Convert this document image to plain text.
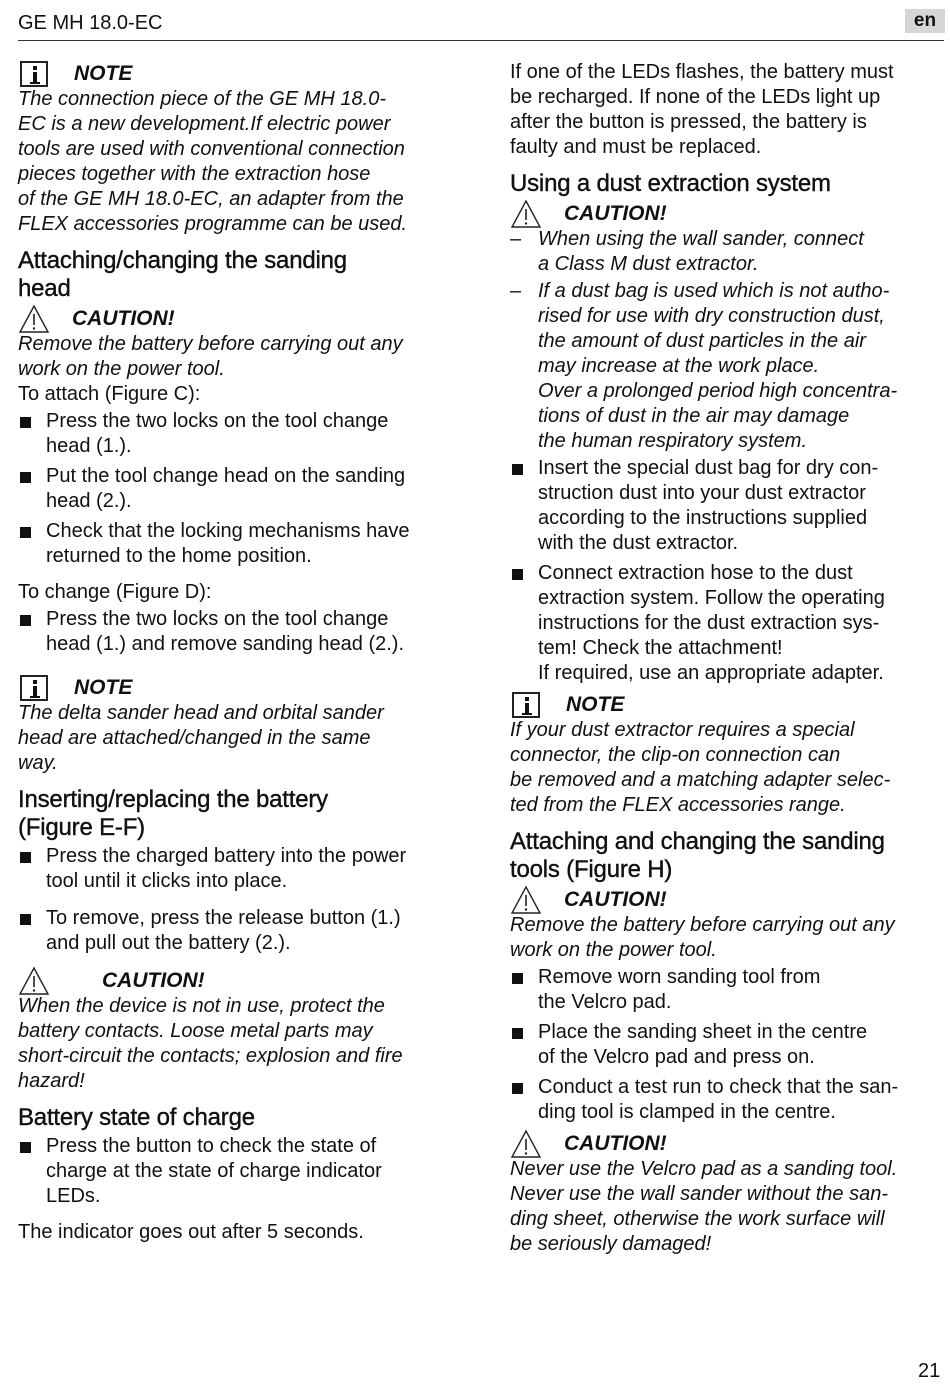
GE MH 18.0-EC	en
NOTE

The connection piece of the GE MH 18.0-
EC is a new development.If electric power
tools are used with conventional connection
pieces together with the extraction hose
of the GE MH 18.0-EC, an adapter from the
FLEX accessories programme can be used.

Attaching/changing the sanding
head
CAUTION!

Remove the battery before carrying out any
work on the power tool.

To attach (Figure C):

Press the two locks on the tool change
head (1.).
Put the tool change head on the sanding
head (2.).
Check that the locking mechanisms have
returned to the home position.

To change (Figure D):

Press the two locks on the tool change
head (1.) and remove sanding head (2.).
NOTE

The delta sander head and orbital sander
head are attached/changed in the same
way.

Inserting/replacing the battery
(Figure E-F)
Press the charged battery into the power
tool until it clicks into place.
To remove, press the release button (1.)
and pull out the battery (2.).
CAUTION!

When the device is not in use, protect the
battery contacts. Loose metal parts may
short-circuit the contacts; explosion and fire
hazard!

Battery state of charge
Press the button to check the state of
charge at the state of charge indicator
LEDs.

The indicator goes out after 5 seconds.

If one of the LEDs flashes, the battery must
be recharged. If none of the LEDs light up
after the button is pressed, the battery is
faulty and must be replaced.

Using a dust extraction system
CAUTION!
– When using the wall sander, connect
a Class M dust extractor.
– If a dust bag is used which is not autho-
rised for use with dry construction dust,
the amount of dust particles in the air
may increase at the work place.
Over a prolonged period high concentra-
tions of dust in the air may damage
the human respiratory system.
Insert the special dust bag for dry con-
struction dust into your dust extractor
according to the instructions supplied
with the dust extractor.
Connect extraction hose to the dust
extraction system. Follow the operating
instructions for the dust extraction sys-
tem! Check the attachment!
If required, use an appropriate adapter.
NOTE

If your dust extractor requires a special
connector, the clip-on connection can
be removed and a matching adapter selec-
ted from the FLEX accessories range.

Attaching and changing the sanding
tools (Figure H)
CAUTION!

Remove the battery before carrying out any
work on the power tool.

Remove worn sanding tool from
the Velcro pad.
Place the sanding sheet in the centre
of the Velcro pad and press on.
Conduct a test run to check that the san-
ding tool is clamped in the centre.
CAUTION!

Never use the Velcro pad as a sanding tool.
Never use the wall sander without the san-
ding sheet, otherwise the work surface will
be seriously damaged!

21
